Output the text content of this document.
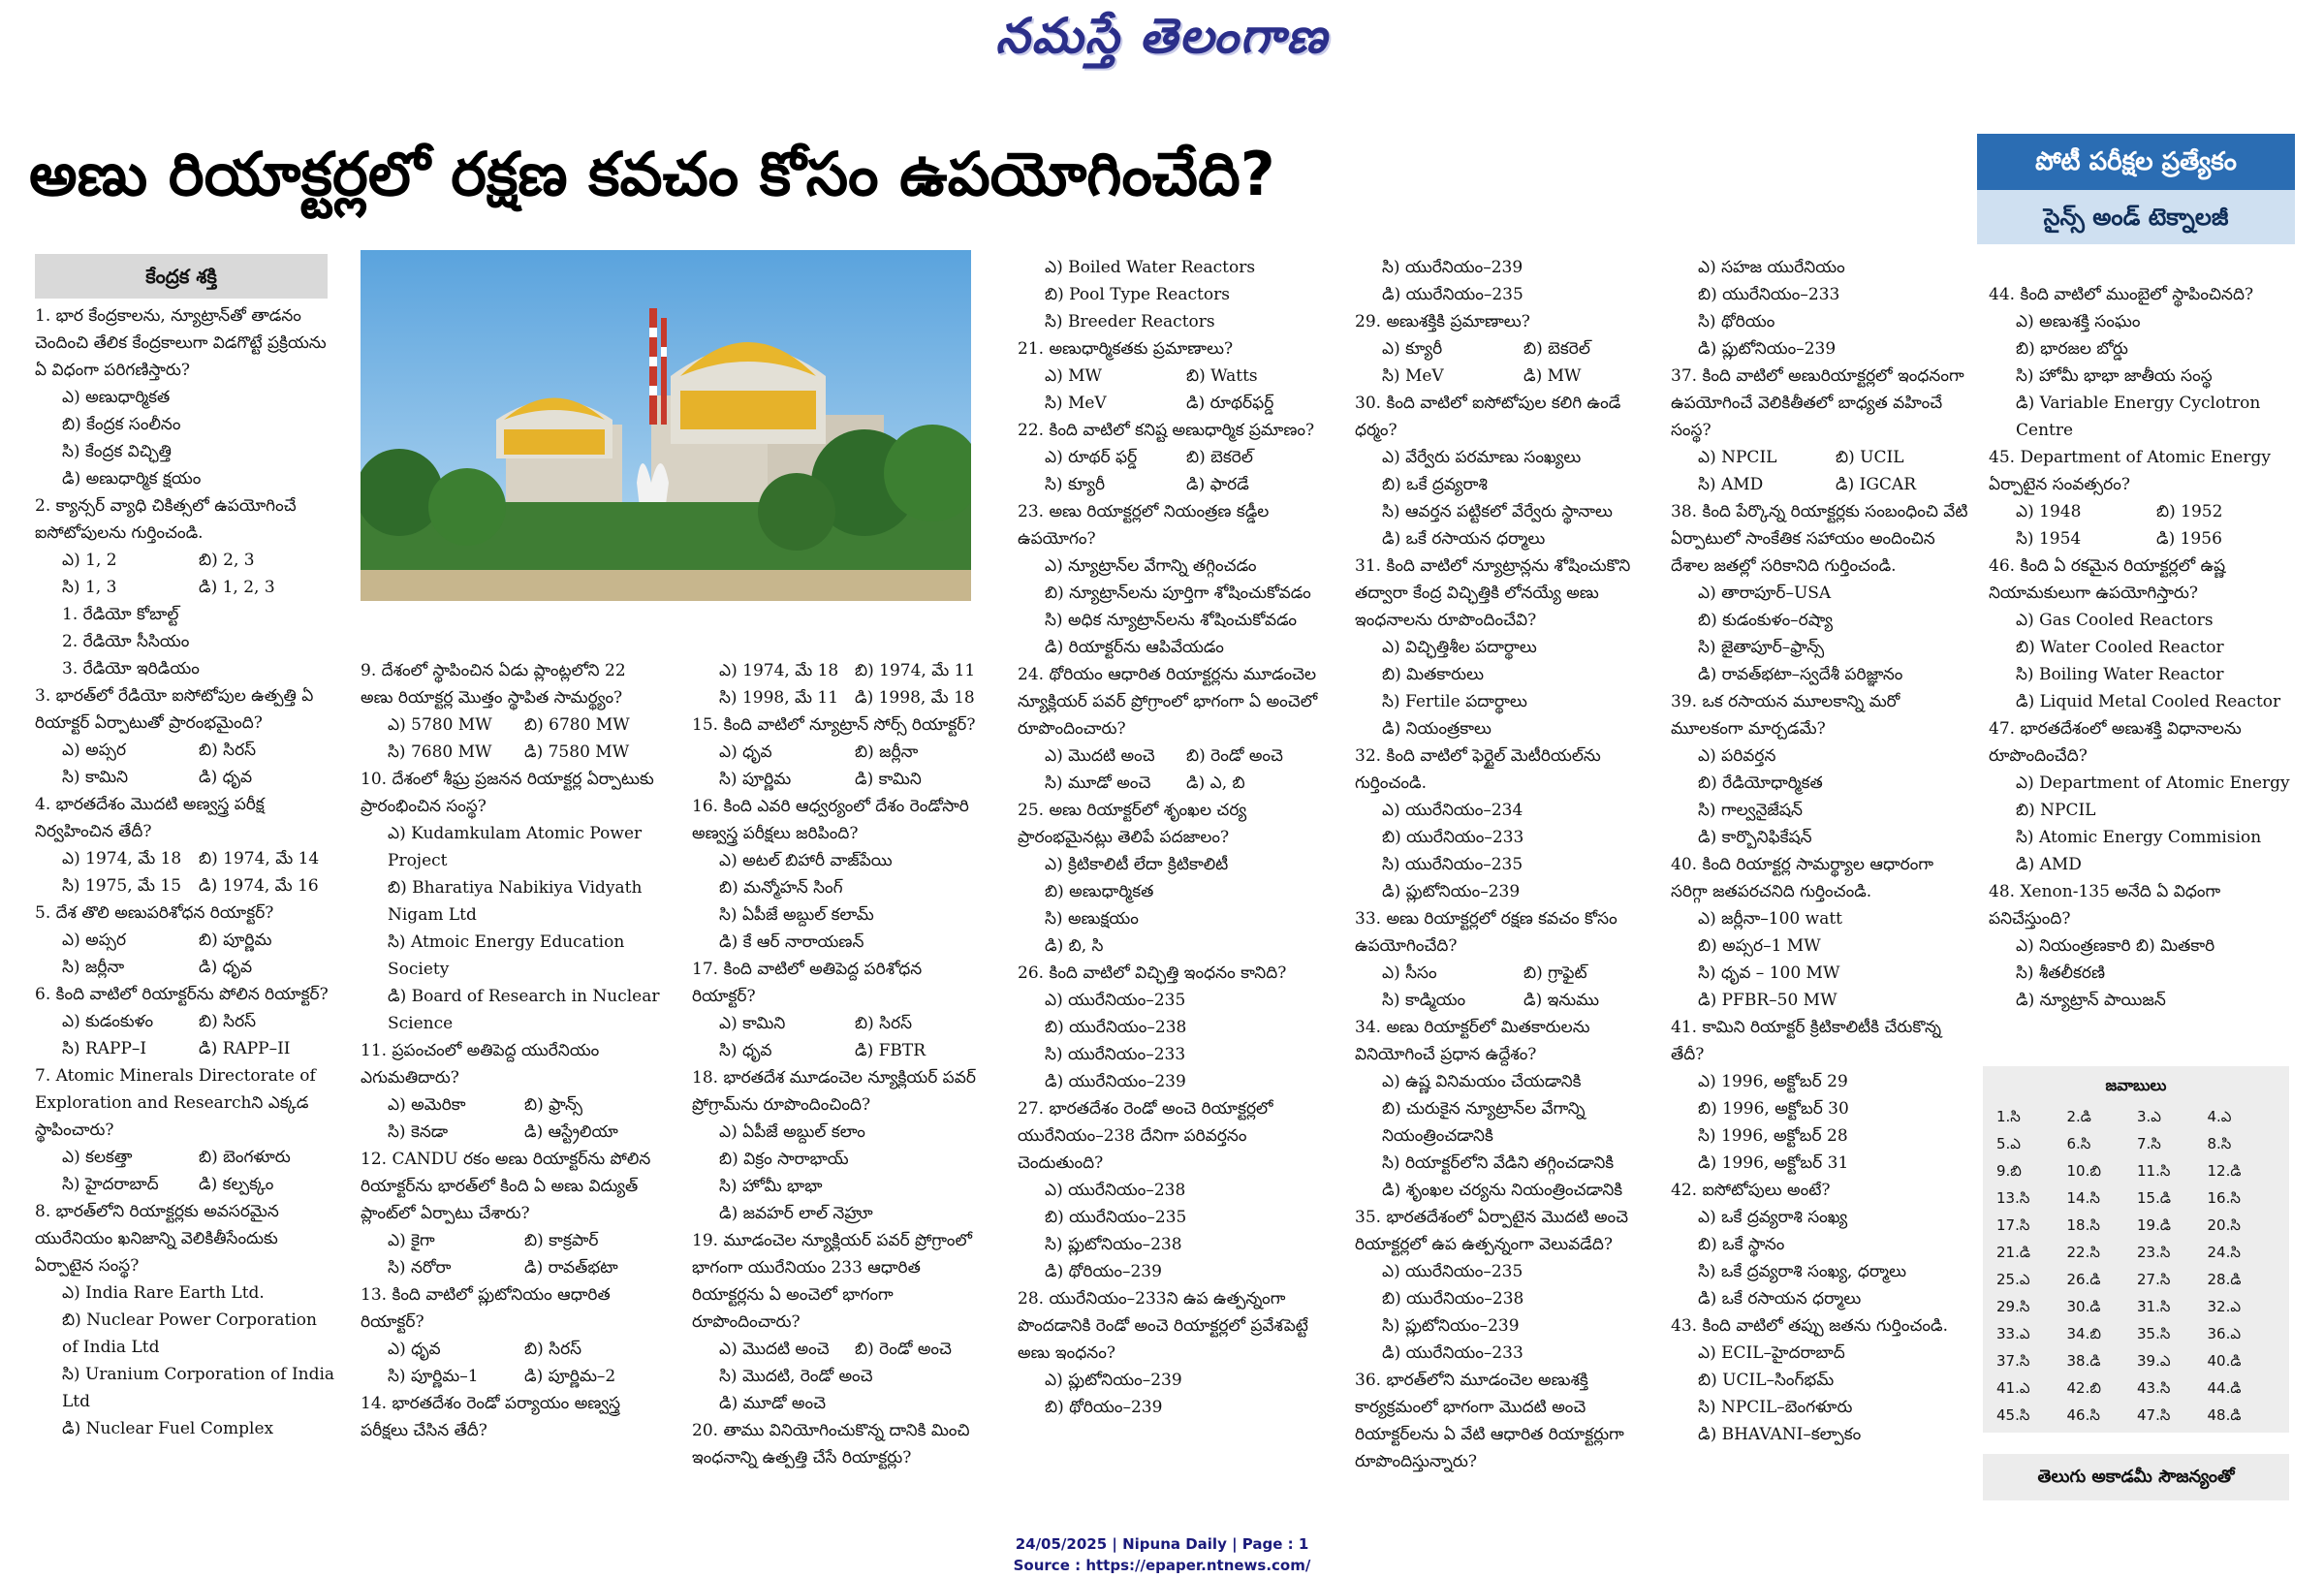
నమస్తే తెలంగాణ
అణు రియాక్టర్లలో రక్షణ కవచం కోసం ఉపయోగించేది?	పోటీ పరీక్షల ప్రత్యేకం
సైన్స్ అండ్ టెక్నాలజీ
కేంద్రక శక్తి
1. భార కేంద్రకాలను, న్యూట్రాన్‌తో తాడనం చెందించి తేలిక కేంద్రకాలుగా విడగొట్టే ప్రక్రియను ఏ విధంగా పరిగణిస్తారు?
ఎ) అణుధార్మికత
బి) కేంద్రక సంలీనం
సి) కేంద్రక విచ్ఛిత్తి
డి) అణుధార్మిక క్షయం
2. క్యాన్సర్ వ్యాధి చికిత్సలో ఉపయోగించే ఐసోటోపులను గుర్తించండి.
ఎ) 1, 2	బి) 2, 3
సి) 1, 3	డి) 1, 2, 3
1. రేడియో కోబాల్ట్
2. రేడియో సీసియం
3. రేడియో ఇరిడియం
3. భారత్‌లో రేడియో ఐసోటోపుల ఉత్పత్తి ఏ రియాక్టర్ ఏర్పాటుతో ప్రారంభమైంది?
ఎ) అప్సర	బి) సిరస్
సి) కామిని	డి) ధృవ
4. భారతదేశం మొదటి అణ్వస్త్ర పరీక్ష నిర్వహించిన తేదీ?
ఎ) 1974, మే 18	బి) 1974, మే 14
సి) 1975, మే 15	డి) 1974, మే 16
5. దేశ తొలి అణుపరిశోధన రియాక్టర్?
ఎ) అప్సర	బి) పూర్ణిమ
సి) జర్లీనా	డి) ధృవ
6. కింది వాటిలో రియాక్టర్‌ను పోలిన రియాక్టర్?
ఎ) కుడంకుళం	బి) సిరస్
సి) RAPP–I	డి) RAPP–II
7. Atomic Minerals Directorate of Exploration and Researchని ఎక్కడ స్థాపించారు?
ఎ) కలకత్తా	బి) బెంగళూరు
సి) హైదరాబాద్	డి) కల్పక్కం
8. భారత్‌లోని రియాక్టర్లకు అవసరమైన యురేనియం ఖనిజాన్ని వెలికితీసేందుకు ఏర్పాటైన సంస్థ?
ఎ) India Rare Earth Ltd.
బి) Nuclear Power Corporation of India Ltd
సి) Uranium Corporation of India Ltd
డి) Nuclear Fuel Complex
9. దేశంలో స్థాపించిన ఏడు ప్లాంట్లలోని 22 అణు రియాక్టర్ల మొత్తం స్థాపిత సామర్థ్యం?
ఎ) 5780 MW	బి) 6780 MW
సి) 7680 MW	డి) 7580 MW
10. దేశంలో శీఘ్ర ప్రజనన రియాక్టర్ల ఏర్పాటుకు ప్రారంభించిన సంస్థ?
ఎ) Kudamkulam Atomic Power Project
బి) Bharatiya Nabikiya Vidyath Nigam Ltd
సి) Atmoic Energy Education Society
డి) Board of Research in Nuclear Science
11. ప్రపంచంలో అతిపెద్ద యురేనియం ఎగుమతిదారు?
ఎ) అమెరికా	బి) ఫ్రాన్స్
సి) కెనడా	డి) ఆస్ట్రేలియా
12. CANDU రకం అణు రియాక్టర్‌ను పోలిన రియాక్టర్‌ను భారత్‌లో కింది ఏ అణు విద్యుత్ ప్లాంట్‌లో ఏర్పాటు చేశారు?
ఎ) కైగా	బి) కాక్రపార్
సి) నరోరా	డి) రావత్‌భటా
13. కింది వాటిలో ప్లుటోనియం ఆధారిత రియాక్టర్?
ఎ) ధృవ	బి) సిరస్
సి) పూర్ణిమ–1	డి) పూర్ణిమ–2
14. భారతదేశం రెండో పర్యాయం అణ్వస్త్ర పరీక్షలు చేసిన తేదీ?
ఎ) 1974, మే 18 బి) 1974, మే 11
సి) 1998, మే 11 డి) 1998, మే 18
15. కింది వాటిలో న్యూట్రాన్ సోర్స్ రియాక్టర్?
ఎ) ధృవ	బి) జర్లీనా
సి) పూర్ణిమ	డి) కామిని
16. కింది ఎవరి ఆధ్వర్యంలో దేశం రెండోసారి అణ్వస్త్ర పరీక్షలు జరిపింది?
ఎ) అటల్ బిహారీ వాజ్‌పేయి
బి) మన్మోహన్ సింగ్
సి) ఏపీజే అబ్దుల్ కలామ్
డి) కే ఆర్ నారాయణన్
17. కింది వాటిలో అతిపెద్ద పరిశోధన రియాక్టర్?
ఎ) కామిని	బి) సిరస్
సి) ధృవ	డి) FBTR
18. భారతదేశ మూడంచెల న్యూక్లియర్ పవర్ ప్రోగ్రామ్‌ను రూపొందించింది?
ఎ) ఏపీజే అబ్దుల్ కలాం
బి) విక్రం సారాభాయ్
సి) హోమీ భాభా
డి) జవహర్ లాల్ నెహ్రూ
19. మూడంచెల న్యూక్లియర్ పవర్ ప్రోగ్రాంలో భాగంగా యురేనియం 233 ఆధారిత రియాక్టర్లను ఏ అంచెలో భాగంగా రూపొందించారు?
ఎ) మొదటి అంచె	బి) రెండో అంచె
సి) మొదటి, రెండో అంచె
డి) మూడో అంచె
20. తాము వినియోగించుకొన్న దానికి మించి ఇంధనాన్ని ఉత్పత్తి చేసే రియాక్టర్లు?
ఎ) Boiled Water Reactors
బి) Pool Type Reactors
సి) Breeder Reactors
21. అణుధార్మికతకు ప్రమాణాలు?
ఎ) MW	బి) Watts
సి) MeV	డి) రూథర్‌ఫర్డ్
22. కింది వాటిలో కనిష్ట అణుధార్మిక ప్రమాణం?
ఎ) రూథర్ ఫర్డ్	బి) బెకరెల్
సి) క్యూరీ	డి) ఫారడే
23. అణు రియాక్టర్లలో నియంత్రణ కడ్డీల ఉపయోగం?
ఎ) న్యూట్రాన్‌ల వేగాన్ని తగ్గించడం
బి) న్యూట్రాన్‌లను పూర్తిగా శోషించుకోవడం
సి) అధిక న్యూట్రాన్‌లను శోషించుకోవడం
డి) రియాక్టర్‌ను ఆపివేయడం
24. థోరియం ఆధారిత రియాక్టర్లను మూడంచెల న్యూక్లియర్ పవర్ ప్రోగ్రాంలో భాగంగా ఏ అంచెలో రూపొందించారు?
ఎ) మొదటి అంచె	బి) రెండో అంచె
సి) మూడో అంచె	డి) ఎ, బి
25. అణు రియాక్టర్‌లో శృంఖల చర్య ప్రారంభమైనట్లు తెలిపే పదజాలం?
ఎ) క్రిటికాలిటీ లేదా క్రిటికాలిటీ
బి) అణుధార్మికత
సి) అణుక్షయం
డి) బి, సి
26. కింది వాటిలో విచ్ఛిత్తి ఇంధనం కానిది?
ఎ) యురేనియం–235
బి) యురేనియం–238
సి) యురేనియం–233
డి) యురేనియం–239
27. భారతదేశం రెండో అంచె రియాక్టర్లలో యురేనియం–238 దేనిగా పరివర్తనం చెందుతుంది?
ఎ) యురేనియం–238
బి) యురేనియం–235
సి) ప్లుటోనియం–238
డి) థోరియం–239
28. యురేనియం–233ని ఉప ఉత్పన్నంగా పొందడానికి రెండో అంచె రియాక్టర్లలో ప్రవేశపెట్టే అణు ఇంధనం?
ఎ) ప్లుటోనియం–239
బి) థోరియం–239
సి) యురేనియం–239
డి) యురేనియం–235
29. అణుశక్తికి ప్రమాణాలు?
ఎ) క్యూరీ	బి) బెకరెల్
సి) MeV	డి) MW
30. కింది వాటిలో ఐసోటోపుల కలిగి ఉండే ధర్మం?
ఎ) వేర్వేరు పరమాణు సంఖ్యలు
బి) ఒకే ద్రవ్యరాశి
సి) ఆవర్తన పట్టికలో వేర్వేరు స్థానాలు
డి) ఒకే రసాయన ధర్మాలు
31. కింది వాటిలో న్యూట్రాన్లను శోషించుకొని తద్వారా కేంద్ర విచ్ఛిత్తికి లోనయ్యే అణు ఇంధనాలను రూపొందించేవి?
ఎ) విచ్ఛిత్తిశీల పదార్థాలు
బి) మితకారులు
సి) Fertile పదార్థాలు
డి) నియంత్రకాలు
32. కింది వాటిలో ఫెర్టైల్ మెటీరియల్‌ను గుర్తించండి.
ఎ) యురేనియం–234
బి) యురేనియం–233
సి) యురేనియం–235
డి) ప్లుటోనియం–239
33. అణు రియాక్టర్లలో రక్షణ కవచం కోసం ఉపయోగించేది?
ఎ) సీసం	బి) గ్రాఫైట్
సి) కాడ్మియం	డి) ఇనుము
34. అణు రియాక్టర్‌లో మితకారులను వినియోగించే ప్రధాన ఉద్దేశం?
ఎ) ఉష్ణ వినిమయం చేయడానికి
బి) చురుకైన న్యూట్రాన్‌ల వేగాన్ని నియంత్రించడానికి
సి) రియాక్టర్‌లోని వేడిని తగ్గించడానికి
డి) శృంఖల చర్యను నియంత్రించడానికి
35. భారతదేశంలో ఏర్పాటైన మొదటి అంచె రియాక్టర్లలో ఉప ఉత్పన్నంగా వెలువడేది?
ఎ) యురేనియం–235
బి) యురేనియం–238
సి) ప్లుటోనియం–239
డి) యురేనియం–233
36. భారత్‌లోని మూడంచెల అణుశక్తి కార్యక్రమంలో భాగంగా మొదటి అంచె రియాక్టర్‌లను ఏ వేటి ఆధారిత రియాక్టర్లుగా రూపొందిస్తున్నారు?
ఎ) సహజ యురేనియం
బి) యురేనియం–233
సి) థోరియం
డి) ప్లుటోనియం–239
37. కింది వాటిలో అణురియాక్టర్లలో ఇంధనంగా ఉపయోగించే వెలికితీతలో బాధ్యత వహించే సంస్థ?
ఎ) NPCIL	బి) UCIL
సి) AMD	డి) IGCAR
38. కింది పేర్కొన్న రియాక్టర్లకు సంబంధించి వేటి ఏర్పాటులో సాంకేతిక సహాయం అందించిన దేశాల జతల్లో సరికానిది గుర్తించండి.
ఎ) తారాపూర్–USA
బి) కుడంకుళం–రష్యా
సి) జైతాపూర్–ఫ్రాన్స్
డి) రావత్‌భటా–స్వదేశీ పరిజ్ఞానం
39. ఒక రసాయన మూలకాన్ని మరో మూలకంగా మార్చడమే?
ఎ) పరివర్తన
బి) రేడియోధార్మికత
సి) గాల్వనైజేషన్
డి) కార్బొనిఫికేషన్
40. కింది రియాక్టర్ల సామర్థ్యాల ఆధారంగా సరిగ్గా జతపరచనిది గుర్తించండి.
ఎ) జర్లీనా–100 watt
బి) అప్సర–1 MW
సి) ధృవ – 100 MW
డి) PFBR–50 MW
41. కామిని రియాక్టర్ క్రిటికాలిటీకి చేరుకొన్న తేదీ?
ఎ) 1996, అక్టోబర్ 29
బి) 1996, అక్టోబర్ 30
సి) 1996, అక్టోబర్ 28
డి) 1996, అక్టోబర్ 31
42. ఐసోటోపులు అంటే?
ఎ) ఒకే ద్రవ్యరాశి సంఖ్య
బి) ఒకే స్థానం
సి) ఒకే ద్రవ్యరాశి సంఖ్య, ధర్మాలు
డి) ఒకే రసాయన ధర్మాలు
43. కింది వాటిలో తప్పు జతను గుర్తించండి.
ఎ) ECIL–హైదరాబాద్
బి) UCIL–సింగ్‌భమ్
సి) NPCIL–బెంగళూరు
డి) BHAVANI–కల్పాకం
44. కింది వాటిలో ముంబైలో స్థాపించినది?
ఎ) అణుశక్తి సంఘం
బి) భారజల బోర్డు
సి) హోమీ భాభా జాతీయ సంస్థ
డి) Variable Energy Cyclotron Centre
45. Department of Atomic Energy ఏర్పాటైన సంవత్సరం?
ఎ) 1948	బి) 1952
సి) 1954	డి) 1956
46. కింది ఏ రకమైన రియాక్టర్లలో ఉష్ణ నియామకులుగా ఉపయోగిస్తారు?
ఎ) Gas Cooled Reactors
బి) Water Cooled Reactor
సి) Boiling Water Reactor
డి) Liquid Metal Cooled Reactor
47. భారతదేశంలో అణుశక్తి విధానాలను రూపొందించేది?
ఎ) Department of Atomic Energy
బి) NPCIL
సి) Atomic Energy Commision
డి) AMD
48. Xenon-135 అనేది ఏ విధంగా పనిచేస్తుంది?
ఎ) నియంత్రణకారి బి) మితకారి
సి) శీతలీకరణి
డి) న్యూట్రాన్ పాయిజన్
జవాబులు
1.సి	2.డి	3.ఎ	4.ఎ
5.ఎ	6.సి	7.సి	8.సి
9.బి	10.బి	11.సి	12.డి
13.సి	14.సి	15.డి	16.సి
17.సి	18.సి	19.డి	20.సి
21.డి	22.సి	23.సి	24.సి
25.ఎ	26.డి	27.సి	28.డి
29.సి	30.డి	31.సి	32.ఎ
33.ఎ	34.బి	35.సి	36.ఎ
37.సి	38.డి	39.ఎ	40.డి
41.ఎ	42.బి	43.సి	44.డి
45.సి	46.సి	47.సి	48.డి
తెలుగు అకాడమీ సౌజన్యంతో
24/05/2025 | Nipuna Daily | Page : 1
Source : https://epaper.ntnews.com/
